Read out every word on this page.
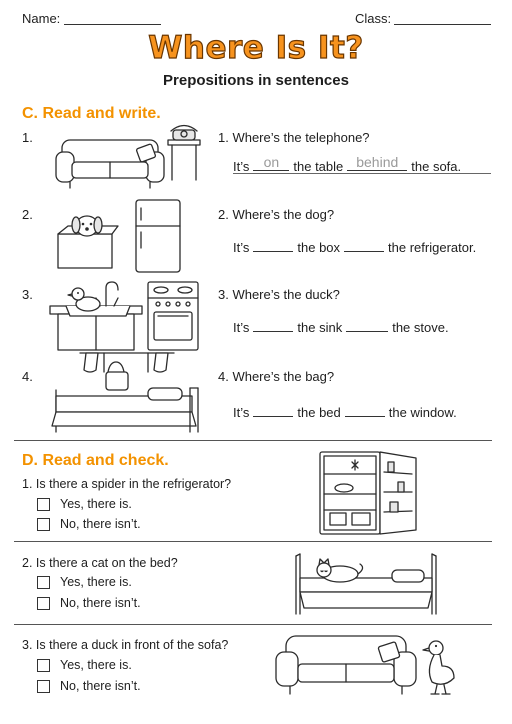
Name:	Class:
Where Is It?
Prepositions in sentences
C. Read and write.
1.	1. Where’s the telephone?
It’s	on	the table behind the sofa.
2.	2. Where’s the dog?
It’s	the box	the refrigerator.
3.	3. Where’s the duck?
It’s	the sink	the stove.
4.	4. Where’s the bag?
It’s	the bed	the window.
D. Read and check.
1. Is there a spider in the refrigerator?
Yes, there is.
No, there isn’t.
2. Is there a cat on the bed?
Yes, there is.
No, there isn’t.
3. Is there a duck in front of the sofa?
Yes, there is.
No, there isn’t.
